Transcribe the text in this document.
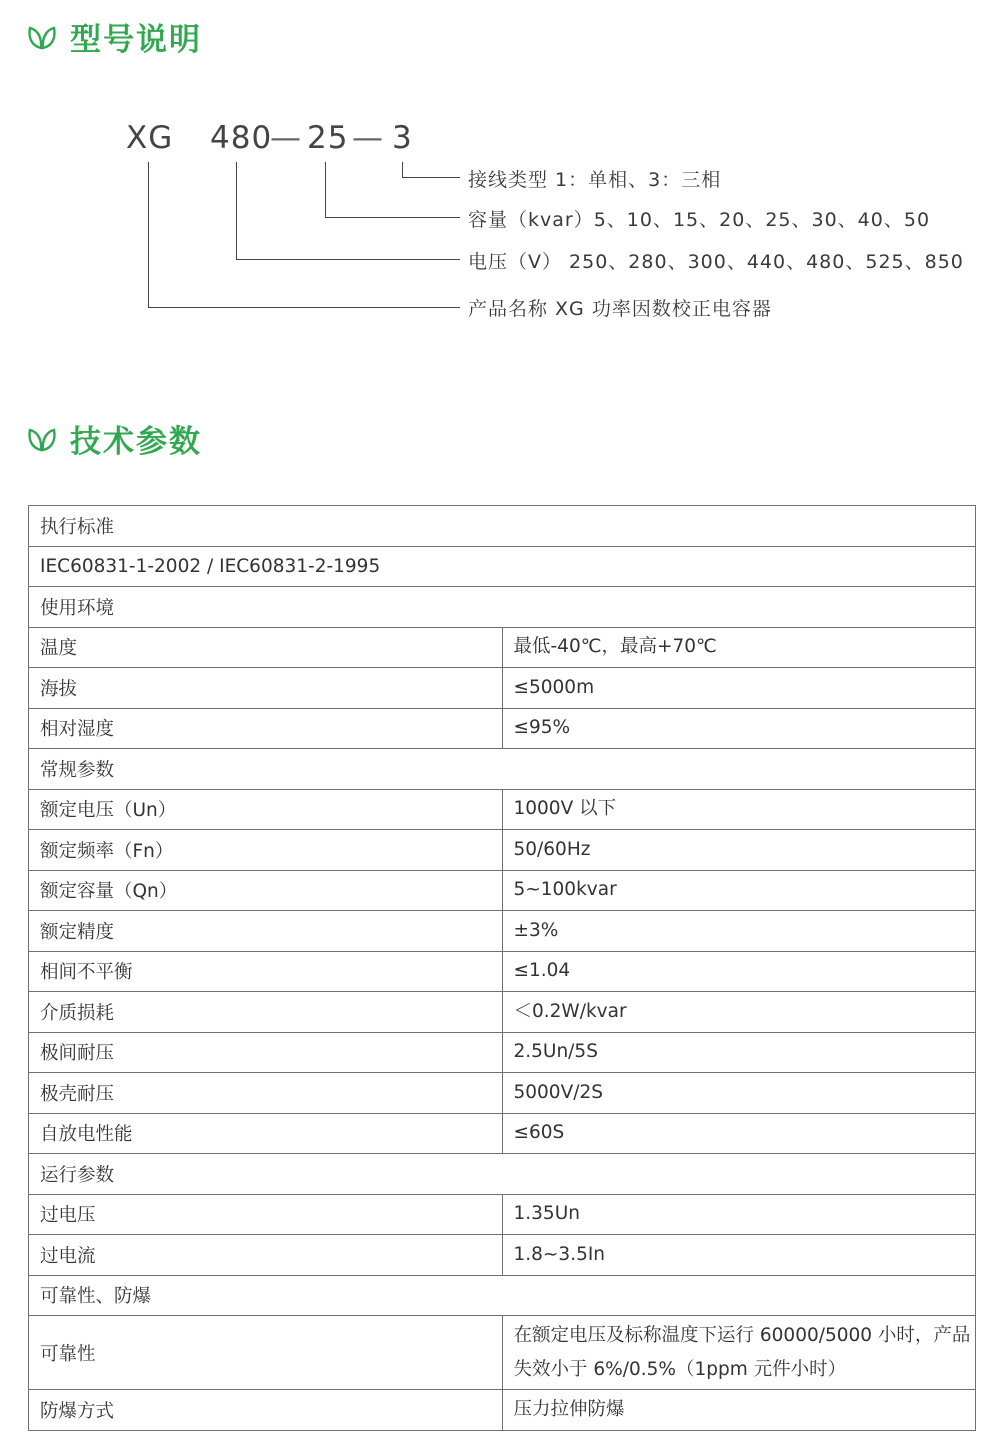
型号说明
XG 480
— 25 — 3
接线类型 1：单相、3：三相
容量（kvar）5、10、15、20、25、30、40、50
电压（V） 250、280、300、440、480、525、850
产品名称 XG 功率因数校正电容器
技术参数
执行标准	
IEC60831-1-2002 / IEC60831-2-1995	
使用环境	
温度	最低-40℃，最高+70℃
海拔	≤5000m
相对湿度	≤95%
常规参数	
额定电压（Un）	1000V 以下
额定频率（Fn）	50/60Hz
额定容量（Qn）	5~100kvar
额定精度	±3%
相间不平衡	≤1.04
介质损耗	＜0.2W/kvar
极间耐压	2.5Un/5S
极壳耐压	5000V/2S
自放电性能	≤60S
运行参数	
过电压	1.35Un
过电流	1.8~3.5In
可靠性、防爆	
可靠性	在额定电压及标称温度下运行 60000/5000 小时，产品失效小于 6%/0.5%（1ppm 元件小时）
防爆方式	压力拉伸防爆
